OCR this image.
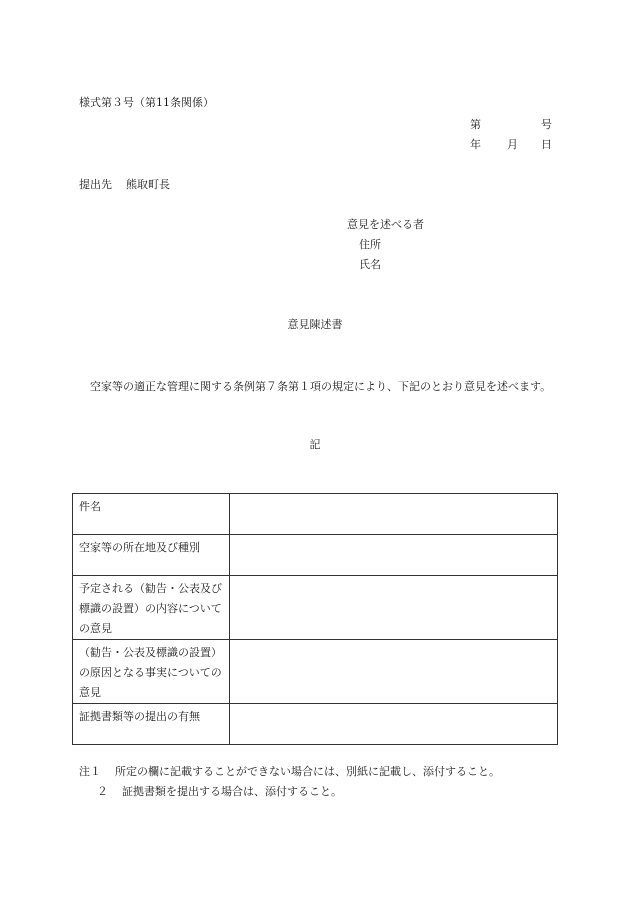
様式第３号（第11条関係）
第	号
年 月 日
提出先 熊取町長
意見を述べる者
住所
氏名
意見陳述書
空家等の適正な管理に関する条例第７条第１項の規定により、下記のとおり意見を述べます。
記
件名	
空家等の所在地及び種別	
予定される（勧告・公表及び標識の設置）の内容についての意見	
（勧告・公表及標識の設置）の原因となる事実についての意見	
証拠書類等の提出の有無	
注１ 所定の欄に記載することができない場合には、別紙に記載し、添付すること。
２ 証拠書類を提出する場合は、添付すること。
